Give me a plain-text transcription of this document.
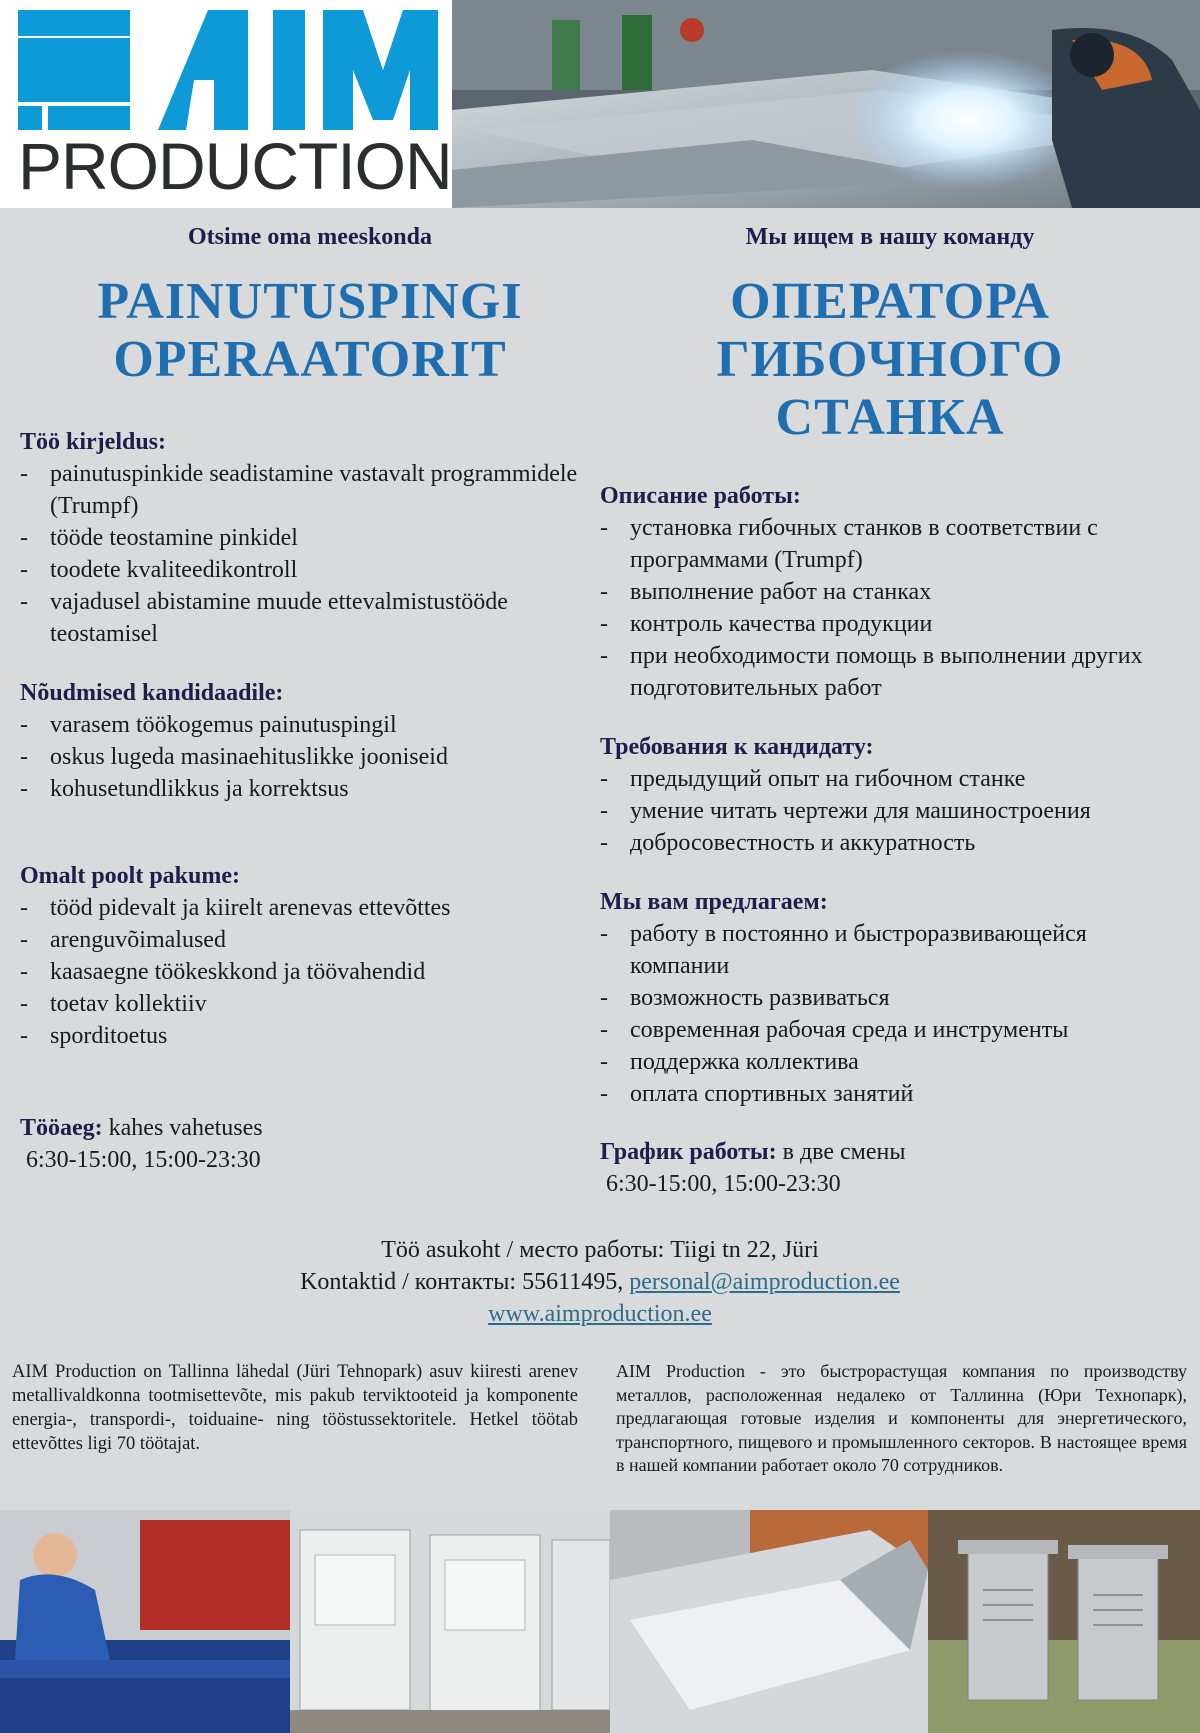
PRODUCTION
Otsime oma meeskonda
PAINUTUSPINGI
OPERAATORIT

Töö kirjeldus:

- painutuspinkide seadistamine vastavalt programmidele (Trumpf)
- tööde teostamine pinkidel
- toodete kvaliteedikontroll
- vajadusel abistamine muude ettevalmistustööde teostamisel

Nõudmised kandidaadile:

- varasem töökogemus painutuspingil
- oskus lugeda masinaehituslikke jooniseid
- kohusetundlikkus ja korrektsus

Omalt poolt pakume:

- tööd pidevalt ja kiirelt arenevas ettevõttes
- arenguvõimalused
- kaasaegne töökeskkond ja töövahendid
- toetav kollektiiv
- sporditoetus
Tööaeg: kahes vahetuses
6:30-15:00, 15:00-23:30
Мы ищем в нашу команду
ОПЕРАТОРА
ГИБОЧНОГО СТАНКА

Описание работы:

- установка гибочных станков в соответствии с программами (Trumpf)
- выполнение работ на станках
- контроль качества продукции
- при необходимости помощь в выполнении других подготовительных работ

Требования к кандидату:

- предыдущий опыт на гибочном станке
- умение читать чертежи для машиностроения
- добросовестность и аккуратность

Мы вам предлагаем:

- работу в постоянно и быстроразвивающейся компании
- возможность развиваться
- современная рабочая среда и инструменты
- поддержка коллектива
- оплата спортивных занятий
График работы: в две смены
6:30-15:00, 15:00-23:30
Töö asukoht / место работы: Tiigi tn 22, Jüri
Kontaktid / контакты: 55611495, personal@aimproduction.ee
www.aimproduction.ee
AIM Production on Tallinna lähedal (Jüri Tehnopark) asuv kiiresti arenev metallivaldkonna tootmisettevõte, mis pakub terviktooteid ja komponente energia-, transpordi-, toiduaine- ning tööstussektoritele. Hetkel töötab ettevõttes ligi 70 töötajat.
AIM Production - это быстрорастущая компания по производству металлов, расположенная недалеко от Таллинна (Юри Технопарк), предлагающая готовые изделия и компоненты для энергетического, транспортного, пищевого и промышленного секторов. В настоящее время в нашей компании работает около 70 сотрудников.
